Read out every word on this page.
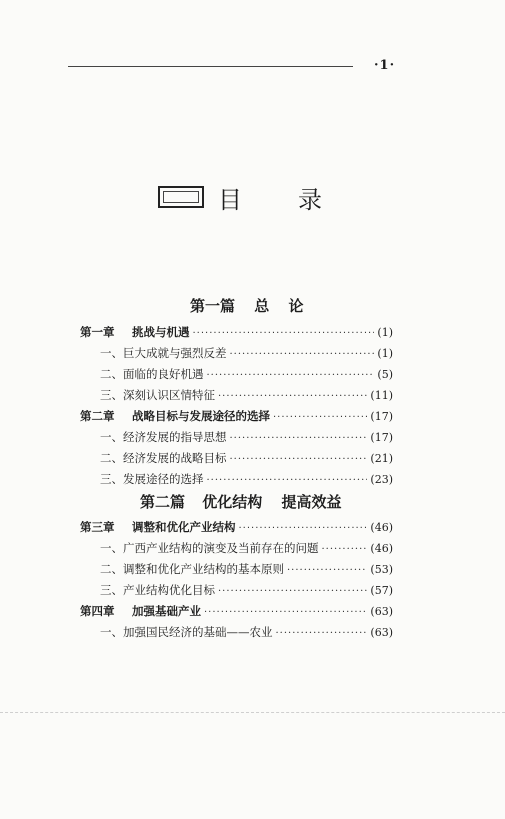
·1·
目录
第一篇 总 论
第一章	挑战与机遇 ·····	(1)
一、 巨大成就与强烈反差 ·····	(1)
二、 面临的良好机遇 ·····	(5)
三、 深刻认识区情特征 ·····	(11)
第二章	战略目标与发展途径的选择 ·····	(17)
一、 经济发展的指导思想 ·····	(17)
二、 经济发展的战略目标 ·····	(21)
三、 发展途径的选择 ·····	(23)
第二篇 优化结构 提高效益
第三章	调整和优化产业结构 ·····	(46)
一、 广西产业结构的演变及当前存在的问题 ·····	(46)
二、 调整和优化产业结构的基本原则 ·····	(53)
三、 产业结构优化目标 ·····	(57)
第四章	加强基础产业 ·····	(63)
一、 加强国民经济的基础——农业 ·····	(63)
